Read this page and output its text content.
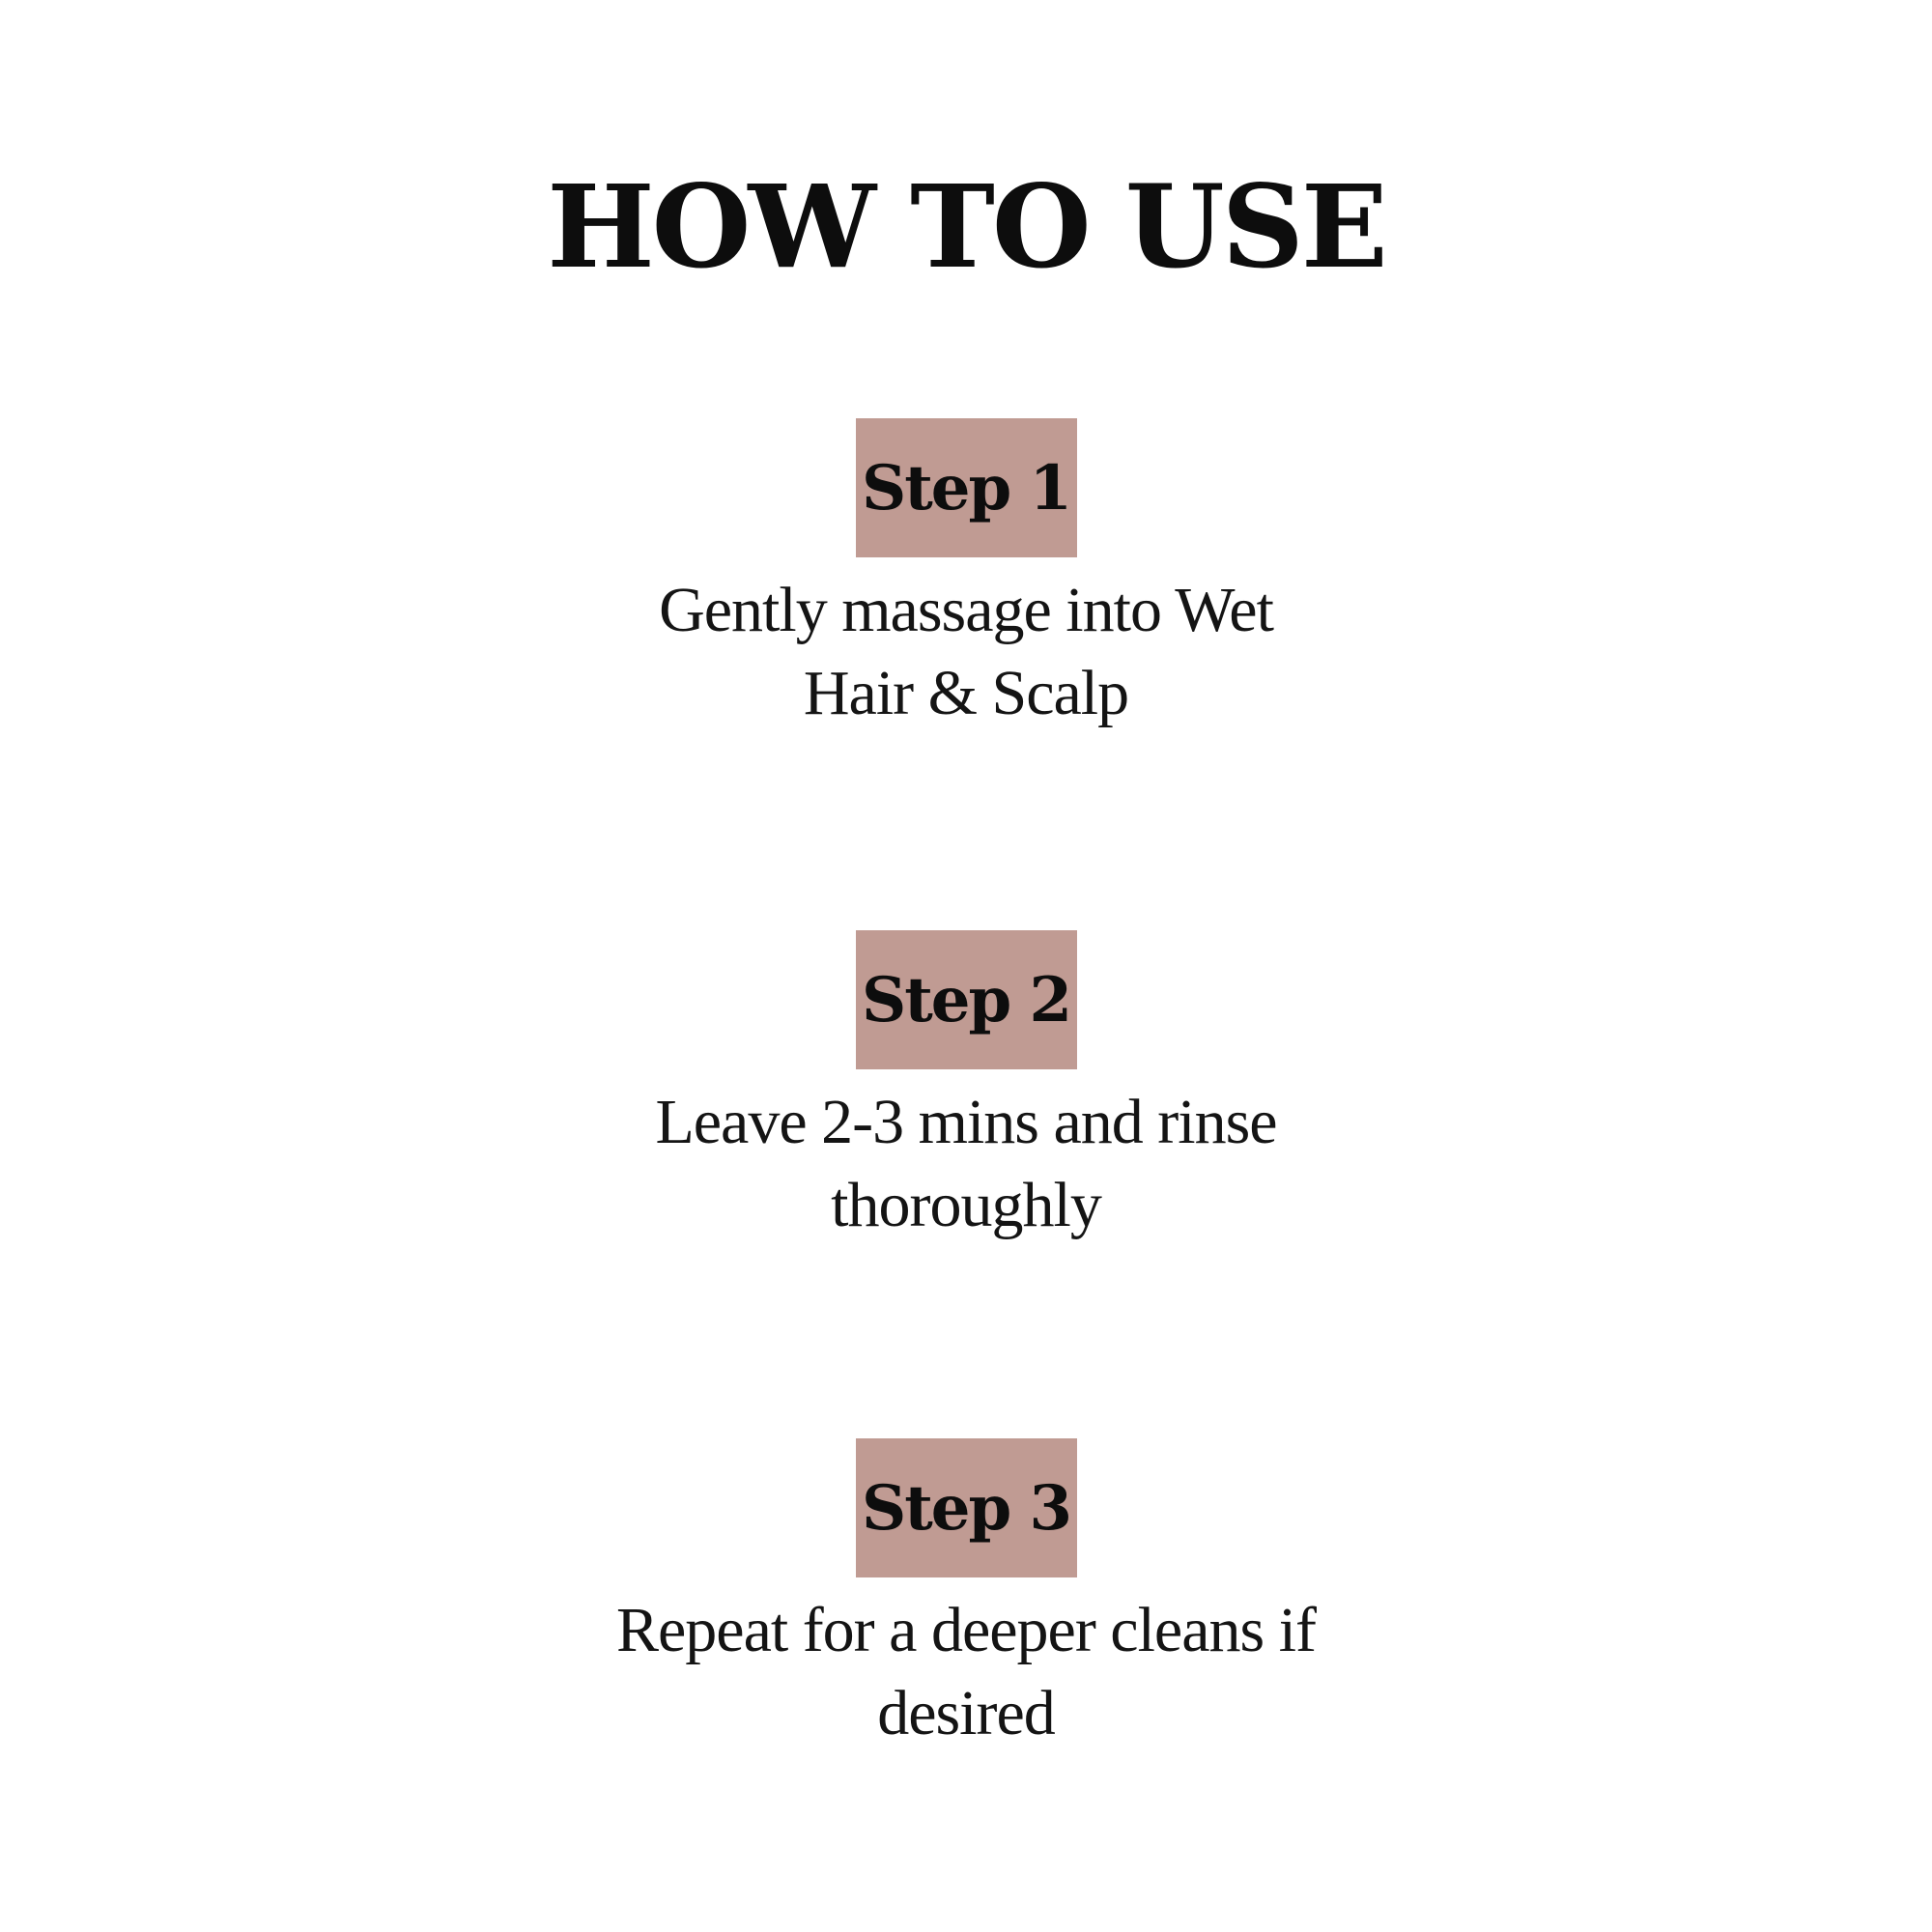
HOW TO USE
Step 1
Gently massage into Wet
Hair & Scalp
Step 2
Leave 2-3 mins and rinse
thoroughly
Step 3
Repeat for a deeper cleans if
desired
